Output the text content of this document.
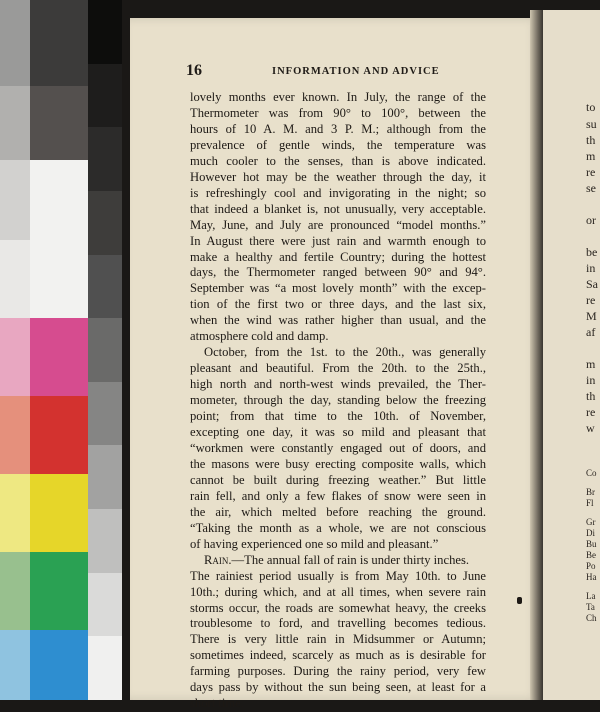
to
su
th
m
re
se
or
be
in
Sa
re
M
af
m
in
th
re
w
Co
Br
Fl
Gr
Di
Bu
Be
Po
Ha
La
Ta
Ch
16	INFORMATION AND ADVICE
lovely months ever known. In July, the range of the
Thermometer was from 90° to 100°, between the
hours of 10 A. M. and 3 P. M.; although from the
prevalence of gentle winds, the temperature was
much cooler to the senses, than is above indicated.
However hot may be the weather through the day, it
is refreshingly cool and invigorating in the night; so
that indeed a blanket is, not unusually, very acceptable.
May, June, and July are pronounced “model months.”
In August there were just rain and warmth enough to
make a healthy and fertile Country; during the hottest
days, the Thermometer ranged between 90° and 94°.
September was “a most lovely month” with the excep-
tion of the first two or three days, and the last six,
when the wind was rather higher than usual, and the
atmosphere cold and damp.
October, from the 1st. to the 20th., was generally
pleasant and beautiful. From the 20th. to the 25th.,
high north and north-west winds prevailed, the Ther-
mometer, through the day, standing below the freezing
point; from that time to the 10th. of November,
excepting one day, it was so mild and pleasant that
“workmen were constantly engaged out of doors, and
the masons were busy erecting composite walls, which
cannot be built during freezing weather.” But little
rain fell, and only a few flakes of snow were seen in
the air, which melted before reaching the ground.
“Taking the month as a whole, we are not conscious
of having experienced one so mild and pleasant.”
Rain. —The annual fall of rain is under thirty inches.
The rainiest period usually is from May 10th. to June
10th.; during which, and at all times, when severe rain
storms occur, the roads are somewhat heavy, the creeks
troublesome to ford, and travelling becomes tedious.
There is very little rain in Midsummer or Autumn;
sometimes indeed, scarcely as much as is desirable for
farming purposes. During the rainy period, very few
days pass by without the sun being seen, at least for a
short time.
